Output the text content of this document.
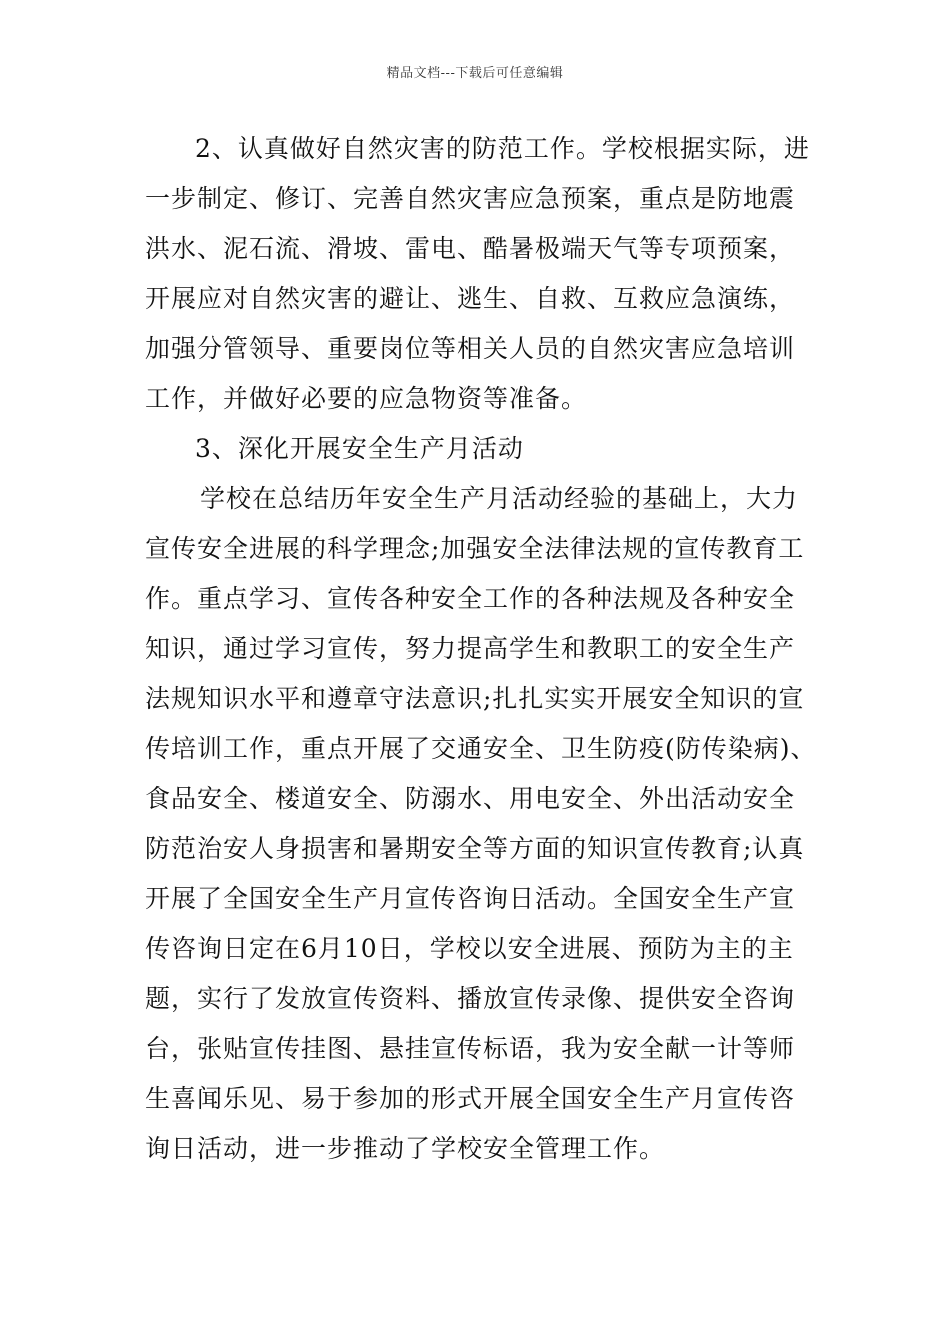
精品文档---下载后可任意编辑
2、认真做好自然灾害的防范工作。学校根据实际，进
一步制定、修订、完善自然灾害应急预案，重点是防地震
洪水、泥石流、滑坡、雷电、酷暑极端天气等专项预案，
开展应对自然灾害的避让、逃生、自救、互救应急演练，
加强分管领导、重要岗位等相关人员的自然灾害应急培训
工作，并做好必要的应急物资等准备。
3、深化开展安全生产月活动
学校在总结历年安全生产月活动经验的基础上，大力
宣传安全进展的科学理念;加强安全法律法规的宣传教育工
作。重点学习、宣传各种安全工作的各种法规及各种安全
知识，通过学习宣传，努力提高学生和教职工的安全生产
法规知识水平和遵章守法意识;扎扎实实开展安全知识的宣
传培训工作，重点开展了交通安全、卫生防疫(防传染病)、
食品安全、楼道安全、防溺水、用电安全、外出活动安全
防范治安人身损害和暑期安全等方面的知识宣传教育;认真
开展了全国安全生产月宣传咨询日活动。全国安全生产宣
传咨询日定在6月10日，学校以安全进展、预防为主的主
题，实行了发放宣传资料、播放宣传录像、提供安全咨询
台，张贴宣传挂图、悬挂宣传标语，我为安全献一计等师
生喜闻乐见、易于参加的形式开展全国安全生产月宣传咨
询日活动，进一步推动了学校安全管理工作。
